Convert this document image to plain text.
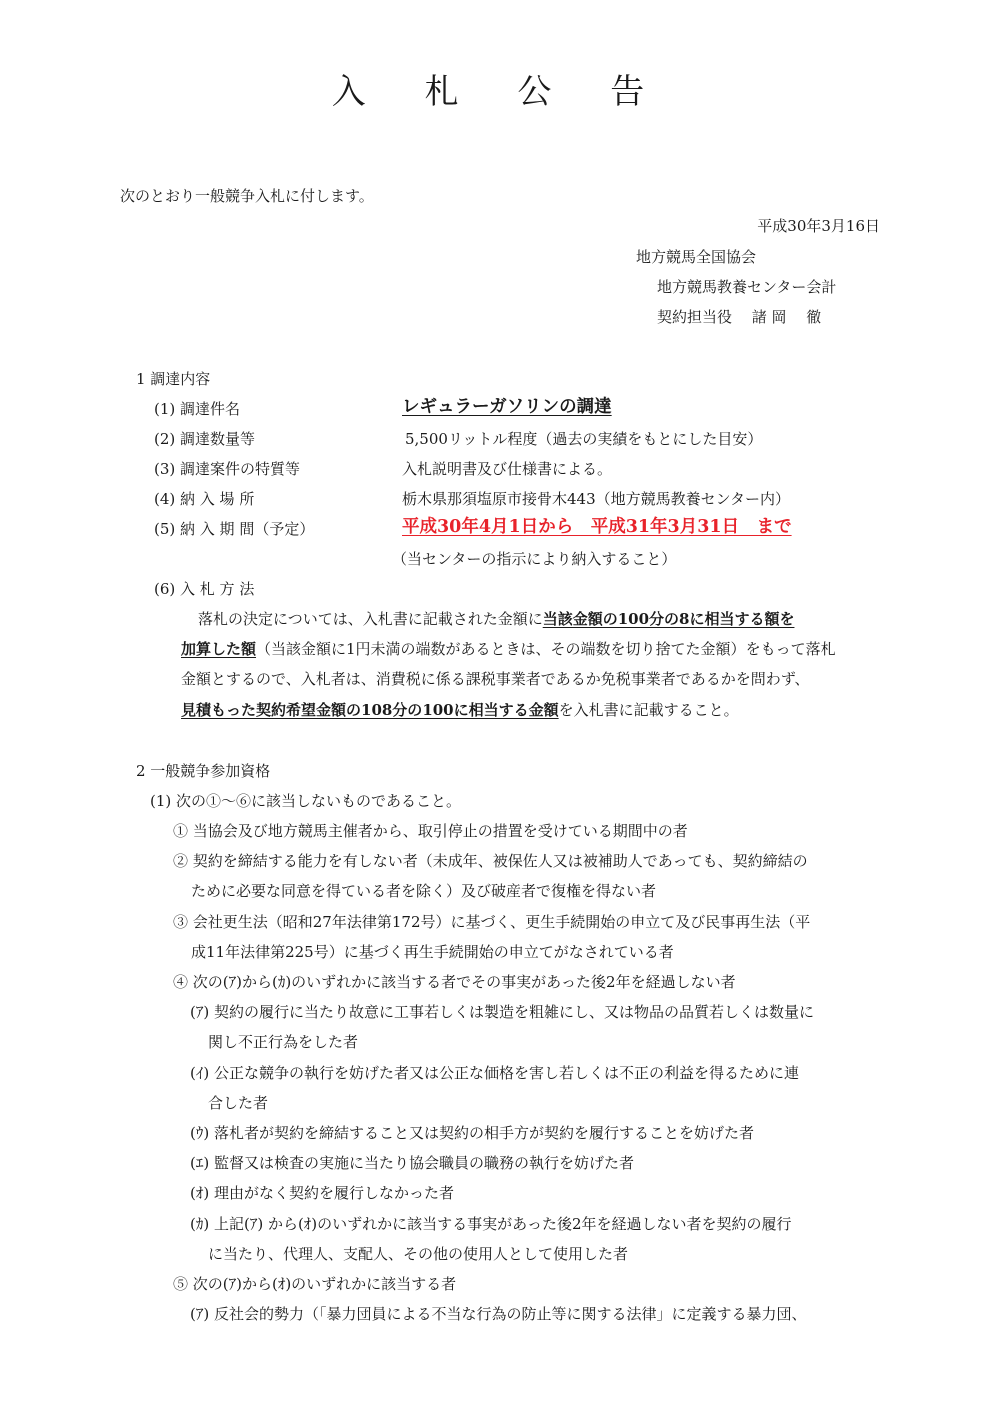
入 札 公 告
次のとおり一般競争入札に付します。
平成30年3月16日
地方競馬全国協会
地方競馬教養センター会計
契約担当役　 諸 岡　 徹
1 調達内容
(1) 調達件名	レギュラーガソリンの調達
(2) 調達数量等	5,500リットル程度（過去の実績をもとにした目安）
(3) 調達案件の特質等	入札説明書及び仕様書による。
(4) 納 入 場 所	栃木県那須塩原市接骨木443（地方競馬教養センター内）
(5) 納 入 期 間（予定）	平成30年4月1日から　平成31年3月31日　まで
（当センターの指示により納入すること）
(6) 入 札 方 法
落札の決定については、入札書に記載された金額に当該金額の100分の8に相当する額を
加算した額（当該金額に1円未満の端数があるときは、その端数を切り捨てた金額）をもって落札
金額とするので、入札者は、消費税に係る課税事業者であるか免税事業者であるかを問わず、
見積もった契約希望金額の108分の100に相当する金額を入札書に記載すること。
2 一般競争参加資格
(1) 次の①～⑥に該当しないものであること。
① 当協会及び地方競馬主催者から、取引停止の措置を受けている期間中の者
② 契約を締結する能力を有しない者（未成年、被保佐人又は被補助人であっても、契約締結の
ために必要な同意を得ている者を除く）及び破産者で復権を得ない者
③ 会社更生法（昭和27年法律第172号）に基づく、更生手続開始の申立て及び民事再生法（平
成11年法律第225号）に基づく再生手続開始の申立てがなされている者
④ 次の(ｱ)から(ｶ)のいずれかに該当する者でその事実があった後2年を経過しない者
(ｱ) 契約の履行に当たり故意に工事若しくは製造を粗雑にし、又は物品の品質若しくは数量に
関し不正行為をした者
(ｲ) 公正な競争の執行を妨げた者又は公正な価格を害し若しくは不正の利益を得るために連
合した者
(ｳ) 落札者が契約を締結すること又は契約の相手方が契約を履行することを妨げた者
(ｴ) 監督又は検査の実施に当たり協会職員の職務の執行を妨げた者
(ｵ) 理由がなく契約を履行しなかった者
(ｶ) 上記(ｱ) から(ｵ)のいずれかに該当する事実があった後2年を経過しない者を契約の履行
に当たり、代理人、支配人、その他の使用人として使用した者
⑤ 次の(ｱ)から(ｵ)のいずれかに該当する者
(ｱ) 反社会的勢力（「暴力団員による不当な行為の防止等に関する法律」に定義する暴力団、
